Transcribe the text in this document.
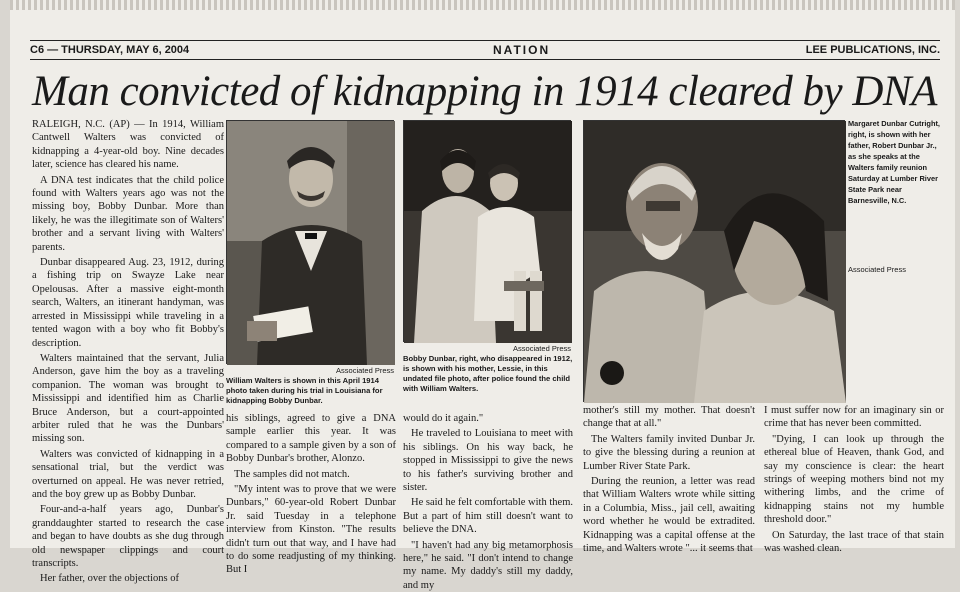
C6 — THURSDAY, MAY 6, 2004	NATION	LEE PUBLICATIONS, INC.
Man convicted of kidnapping in 1914 cleared by DNA

RALEIGH, N.C. (AP) — In 1914, William Cantwell Walters was convicted of kidnapping a 4-year-old boy. Nine decades later, science has cleared his name.

A DNA test indicates that the child police found with Walters years ago was not the missing boy, Bobby Dunbar. More than likely, he was the illegitimate son of Walters' brother and a servant living with Walters' parents.

Dunbar disappeared Aug. 23, 1912, during a fishing trip on Swayze Lake near Opelousas. After a massive eight-month search, Walters, an itinerant handyman, was arrested in Mississippi while traveling in a tented wagon with a boy who fit Bobby's description.

Walters maintained that the servant, Julia Anderson, gave him the boy as a traveling companion. The woman was brought to Mississippi and identified him as Charlie Bruce Anderson, but a court-appointed arbiter ruled that he was the Dunbars' missing son.

Walters was convicted of kidnapping in a sensational trial, but the verdict was overturned on appeal. He was never retried, and the boy grew up as Bobby Dunbar.

Four-and-a-half years ago, Dunbar's granddaughter started to research the case and began to have doubts as she dug through old newspaper clippings and court transcripts.

Her father, over the objections of

Associated Press
William Walters is shown in this April 1914 photo taken during his trial in Louisiana for kidnapping Bobby Dunbar.

his siblings, agreed to give a DNA sample earlier this year. It was compared to a sample given by a son of Bobby Dunbar's brother, Alonzo.

The samples did not match.

"My intent was to prove that we were Dunbars," 60-year-old Robert Dunbar Jr. said Tuesday in a telephone interview from Kinston. "The results didn't turn out that way, and I have had to do some readjusting of my thinking. But I

Associated Press
Bobby Dunbar, right, who disappeared in 1912, is shown with his mother, Lessie, in this undated file photo, after police found the child with William Walters.

would do it again."

He traveled to Louisiana to meet with his siblings. On his way back, he stopped in Mississippi to give the news to his father's surviving brother and sister.

He said he felt comfortable with them. But a part of him still doesn't want to believe the DNA.

"I haven't had any big metamorphosis here," he said. "I don't intend to change my name. My daddy's still my daddy, and my

Margaret Dunbar Cutright, right, is shown with her father, Robert Dunbar Jr., as she speaks at the Walters family reunion Saturday at Lumber River State Park near Barnesville, N.C.
Associated Press

mother's still my mother. That doesn't change that at all."

The Walters family invited Dunbar Jr. to give the blessing during a reunion at Lumber River State Park.

During the reunion, a letter was read that William Walters wrote while sitting in a Columbia, Miss., jail cell, awaiting word whether he would be extradited. Kidnapping was a capital offense at the time, and Walters wrote "... it seems that

I must suffer now for an imaginary sin or crime that has never been committed.

"Dying, I can look up through the ethereal blue of Heaven, thank God, and say my conscience is clear: the heart strings of weeping mothers bind not my withering limbs, and the crime of kidnapping stains not my humble threshold door."

On Saturday, the last trace of that stain was washed clean.
